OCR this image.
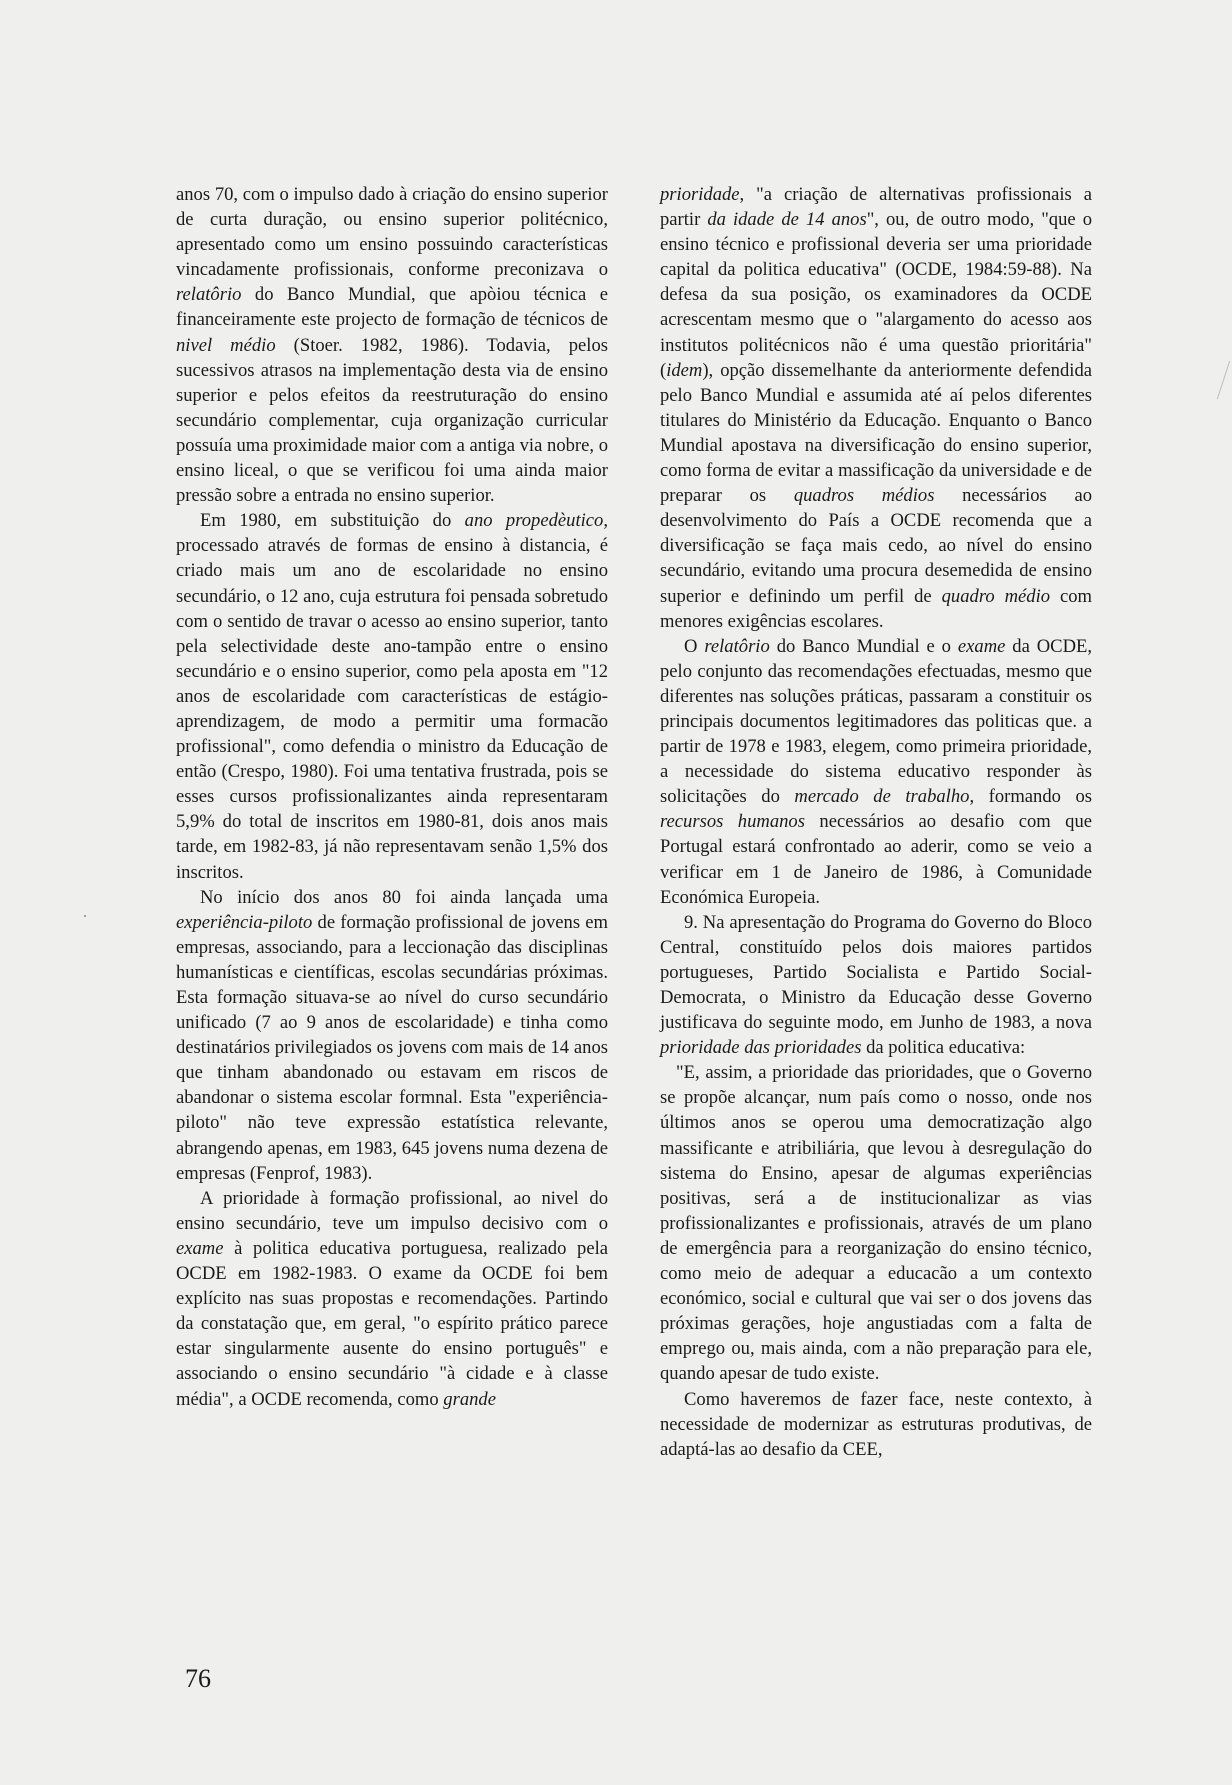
anos 70, com o impulso dado à criação do ensino superior de curta duração, ou ensino superior politécnico, apresentado como um ensino possuindo características vincadamente profissionais, conforme preconizava o relatôrio do Banco Mundial, que apòiou técnica e financeiramente este projecto de formação de técnicos de nivel médio (Stoer. 1982, 1986). Todavia, pelos sucessivos atrasos na implementação desta via de ensino superior e pelos efeitos da reestruturação do ensino secundário complementar, cuja organização curricular possuía uma proximidade maior com a antiga via nobre, o ensino liceal, o que se verificou foi uma ainda maior pressão sobre a entrada no ensino superior.

Em 1980, em substituição do ano propedèutico, processado através de formas de ensino à distancia, é criado mais um ano de escolaridade no ensino secundário, o 12 ano, cuja estrutura foi pensada sobretudo com o sentido de travar o acesso ao ensino superior, tanto pela selectividade deste ano-tampão entre o ensino secundário e o ensino superior, como pela aposta em "12 anos de escolaridade com características de estágio-aprendizagem, de modo a permitir uma formacão profissional", como defendia o ministro da Educação de então (Crespo, 1980). Foi uma tentativa frustrada, pois se esses cursos profissionalizantes ainda representaram 5,9% do total de inscritos em 1980-81, dois anos mais tarde, em 1982-83, já não representavam senão 1,5% dos inscritos.

No início dos anos 80 foi ainda lançada uma experiência-piloto de formação profissional de jovens em empresas, associando, para a leccionação das disciplinas humanísticas e científicas, escolas secundárias próximas. Esta formação situava-se ao nível do curso secundário unificado (7 ao 9 anos de escolaridade) e tinha como destinatários privilegiados os jovens com mais de 14 anos que tinham abandonado ou estavam em riscos de abandonar o sistema escolar formnal. Esta "experiência-piloto" não teve expressão estatística relevante, abrangendo apenas, em 1983, 645 jovens numa dezena de empresas (Fenprof, 1983).

A prioridade à formação profissional, ao nivel do ensino secundário, teve um impulso decisivo com o exame à politica educativa portuguesa, realizado pela OCDE em 1982-1983. O exame da OCDE foi bem explícito nas suas propostas e recomendações. Partindo da constatação que, em geral, "o espírito prático parece estar singularmente ausente do ensino português" e associando o ensino secundário "à cidade e à classe média", a OCDE recomenda, como grande

prioridade, "a criação de alternativas profissionais a partir da idade de 14 anos", ou, de outro modo, "que o ensino técnico e profissional deveria ser uma prioridade capital da politica educativa" (OCDE, 1984:59-88). Na defesa da sua posição, os examinadores da OCDE acrescentam mesmo que o "alargamento do acesso aos institutos politécnicos não é uma questão prioritária" (idem), opção dissemelhante da anteriormente defendida pelo Banco Mundial e assumida até aí pelos diferentes titulares do Ministério da Educação. Enquanto o Banco Mundial apostava na diversificação do ensino superior, como forma de evitar a massificação da universidade e de preparar os quadros médios necessários ao desenvolvimento do País a OCDE recomenda que a diversificação se faça mais cedo, ao nível do ensino secundário, evitando uma procura desemedida de ensino superior e definindo um perfil de quadro médio com menores exigências escolares.

O relatôrio do Banco Mundial e o exame da OCDE, pelo conjunto das recomendações efectuadas, mesmo que diferentes nas soluções práticas, passaram a constituir os principais documentos legitimadores das politicas que. a partir de 1978 e 1983, elegem, como primeira prioridade, a necessidade do sistema educativo responder às solicitações do mercado de trabalho, formando os recursos humanos necessários ao desafio com que Portugal estará confrontado ao aderir, como se veio a verificar em 1 de Janeiro de 1986, à Comunidade Económica Europeia.

9. Na apresentação do Programa do Governo do Bloco Central, constituído pelos dois maiores partidos portugueses, Partido Socialista e Partido Social-Democrata, o Ministro da Educação desse Governo justificava do seguinte modo, em Junho de 1983, a nova prioridade das prioridades da politica educativa:

"E, assim, a prioridade das prioridades, que o Governo se propõe alcançar, num país como o nosso, onde nos últimos anos se operou uma democratização algo massificante e atribiliária, que levou à desregulação do sistema do Ensino, apesar de algumas experiências positivas, será a de institucionalizar as vias profissionalizantes e profissionais, através de um plano de emergência para a reorganização do ensino técnico, como meio de adequar a educacão a um contexto económico, social e cultural que vai ser o dos jovens das próximas gerações, hoje angustiadas com a falta de emprego ou, mais ainda, com a não preparação para ele, quando apesar de tudo existe.

Como haveremos de fazer face, neste contexto, à necessidade de modernizar as estruturas produtivas, de adaptá-las ao desafio da CEE,

76
